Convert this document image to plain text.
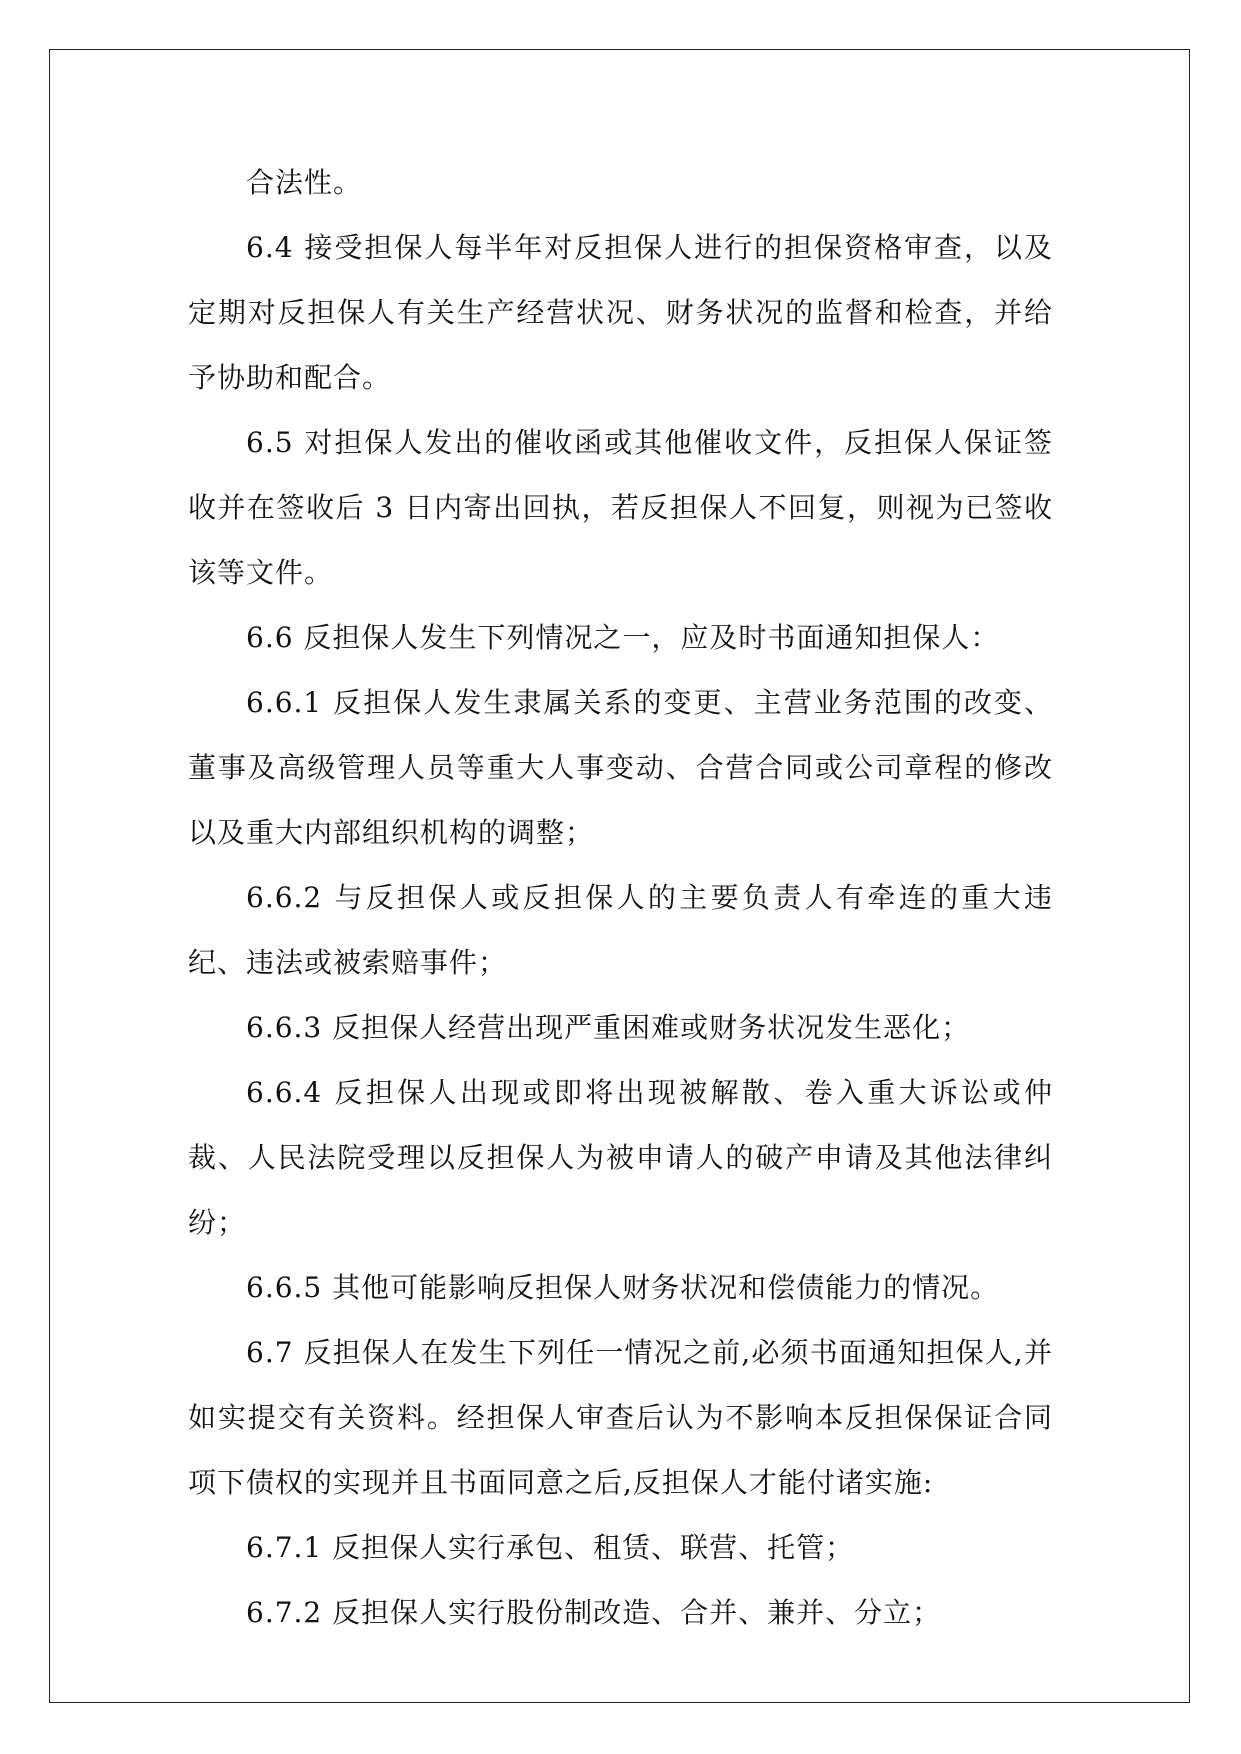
合法性。

6.4 接受担保人每半年对反担保人进行的担保资格审查，以及定期对反担保人有关生产经营状况、财务状况的监督和检查，并给予协助和配合。

6.5 对担保人发出的催收函或其他催收文件，反担保人保证签收并在签收后 3 日内寄出回执，若反担保人不回复，则视为已签收该等文件。

6.6 反担保人发生下列情况之一，应及时书面通知担保人：

6.6.1 反担保人发生隶属关系的变更、主营业务范围的改变、董事及高级管理人员等重大人事变动、合营合同或公司章程的修改以及重大内部组织机构的调整；

6.6.2 与反担保人或反担保人的主要负责人有牵连的重大违纪、违法或被索赔事件；

6.6.3 反担保人经营出现严重困难或财务状况发生恶化；

6.6.4 反担保人出现或即将出现被解散、卷入重大诉讼或仲裁、人民法院受理以反担保人为被申请人的破产申请及其他法律纠纷；

6.6.5 其他可能影响反担保人财务状况和偿债能力的情况。

6.7 反担保人在发生下列任一情况之前,必须书面通知担保人,并如实提交有关资料。经担保人审查后认为不影响本反担保保证合同项下债权的实现并且书面同意之后,反担保人才能付诸实施:

6.7.1 反担保人实行承包、租赁、联营、托管；

6.7.2 反担保人实行股份制改造、合并、兼并、分立；
